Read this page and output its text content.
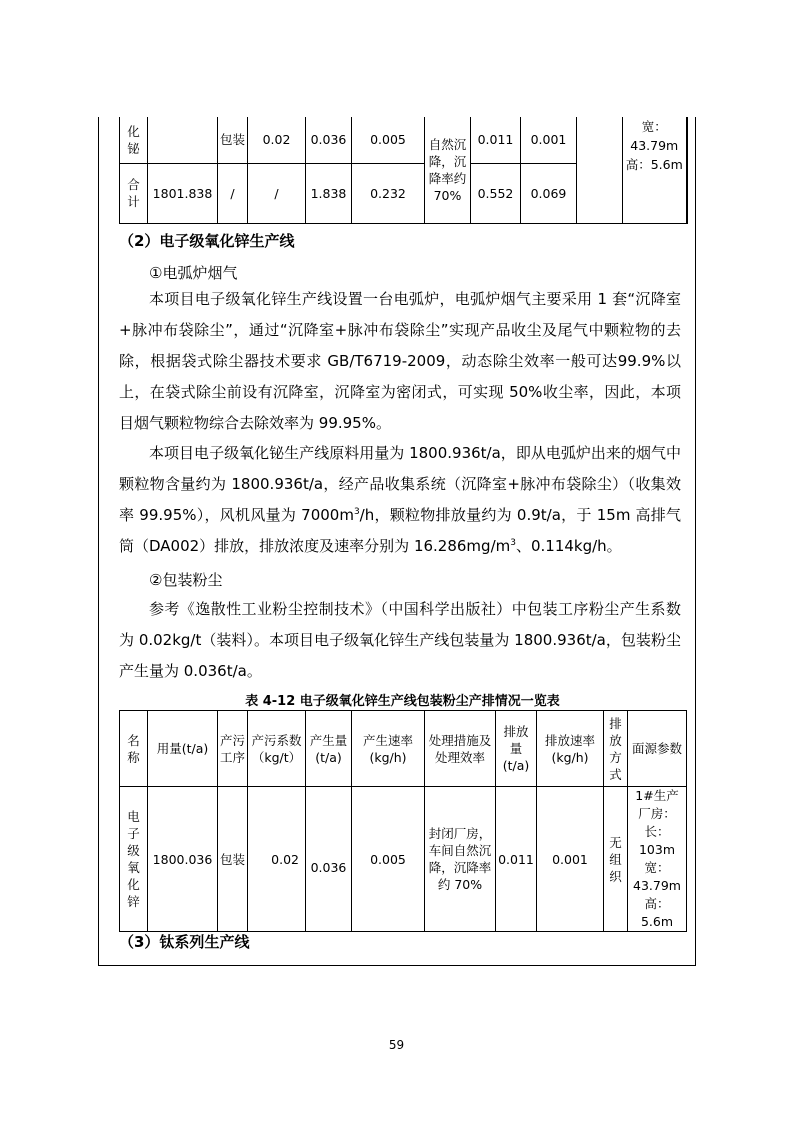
化铋		包装	0.02	0.036	0.005	自然沉降，沉降率约70%	0.011	0.001		宽：43.79m 高：5.6m
合计	1801.838	/	/	1.838	0.232		0.552	0.069		
（2）电子级氧化锌生产线
①电弧炉烟气
本项目电子级氧化锌生产线设置一台电弧炉，电弧炉烟气主要采用 1 套“沉降室+脉冲布袋除尘”，通过“沉降室+脉冲布袋除尘”实现产品收尘及尾气中颗粒物的去除，根据袋式除尘器技术要求 GB/T6719-2009，动态除尘效率一般可达99.9%以上，在袋式除尘前设有沉降室，沉降室为密闭式，可实现 50%收尘率，因此，本项目烟气颗粒物综合去除效率为 99.95%。
本项目电子级氧化铋生产线原料用量为 1800.936t/a，即从电弧炉出来的烟气中颗粒物含量约为 1800.936t/a，经产品收集系统（沉降室+脉冲布袋除尘）（收集效率 99.95%），风机风量为 $7000m^3/h$，颗粒物排放量约为 0.9t/a，于 15m 高排气筒（DA002）排放，排放浓度及速率分别为 $16.286mg/m^3$、0.114kg/h。
②包装粉尘
参考《逸散性工业粉尘控制技术》（中国科学出版社）中包装工序粉尘产生系数为 0.02kg/t（装料）。本项目电子级氧化锌生产线包装量为 1800.936t/a，包装粉尘产生量为 0.036t/a。
表 4-12 电子级氧化锌生产线包装粉尘产排情况一览表
名称	用量(t/a)	产污工序	产污系数（kg/t）	产生量(t/a)	产生速率(kg/h)	处理措施及处理效率	排放量(t/a)	排放速率(kg/h)	排放方式	面源参数
电子级氧化锌	1800.036	包装	0.02	0.036	0.005	封闭厂房，车间自然沉降，沉降率约 70%	0.011	0.001	无组织	1#生产厂房：长：103m 宽：43.79m 高：5.6m
（3）钛系列生产线
59
